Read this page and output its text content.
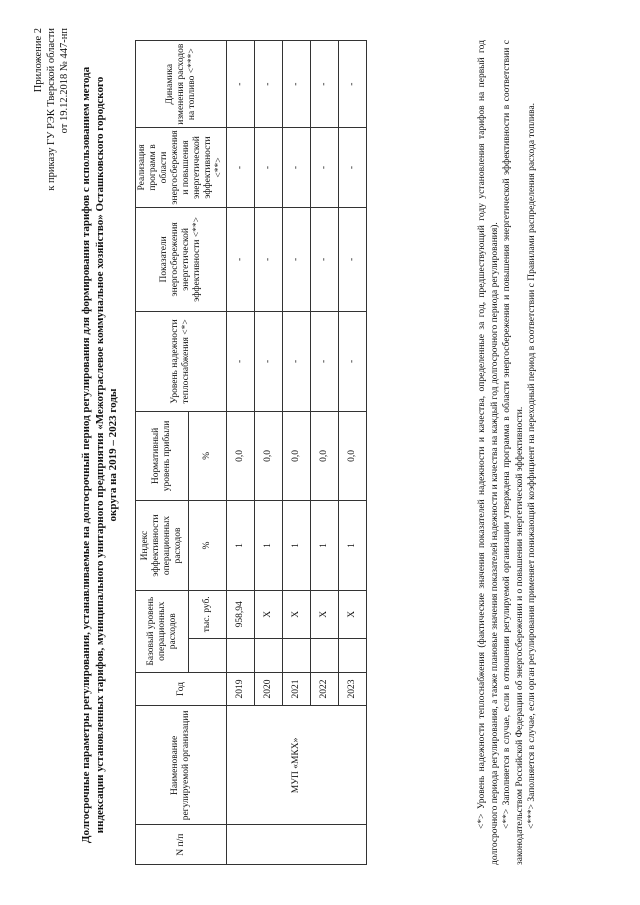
Приложение 2 к приказу ГУ РЭК Тверской области от 19.12.2018 № 447-нп Долгосрочные параметры регулирования, устанавливаемые на долгосрочный период регулирования для формирования тарифов с использованием метода индексации установленных тарифов, муниципального унитарного предприятия «Межотраслевое коммунальное хозяйство» Осташковского городского округа на 2019 – 2023 годы
N п/п	Наименование регулируемой организации	Год	Базовый уровень операционных расходов		Индекс эффективности операционных расходов	Нормативный уровень прибыли	Уровень надежности теплоснабжения <*>	Показатели энергосбережения энергетической эффективности <**>	Реализация программ в области энергосбережения и повышения энергетической эффективности <**>	Динамика изменения расходов на топливо <***>
				тыс. руб.	%	%				
	МУП «МКХ»	2019		958,94	1	0,0	-	-	-	-
		2020		Х	1	0,0	-	-	-	-
		2021		Х	1	0,0	-	-	-	-
		2022		Х	1	0,0	-	-	-	-
		2023		Х	1	0,0	-	-	-	-	<*> Уровень надежности теплоснабжения (фактические значения показателей надежности и качества, определенные за год, предшествующий году установления тарифов на первый год долгосрочного периода регулирования, а также плановые значения показателей надежности и качества на каждый год долгосрочного периода регулирования). <**> Заполняется в случае, если в отношении регулируемой организации утверждена программа в области энергосбережения и повышения энергетической эффективности в соответствии с законодательством Российской Федерации об энергосбережении и о повышении энергетической эффективности. <***> Заполняется в случае, если орган регулирования применяет понижающий коэффициент на переходный период в соответствии с Правилами распределения расхода топлива.
